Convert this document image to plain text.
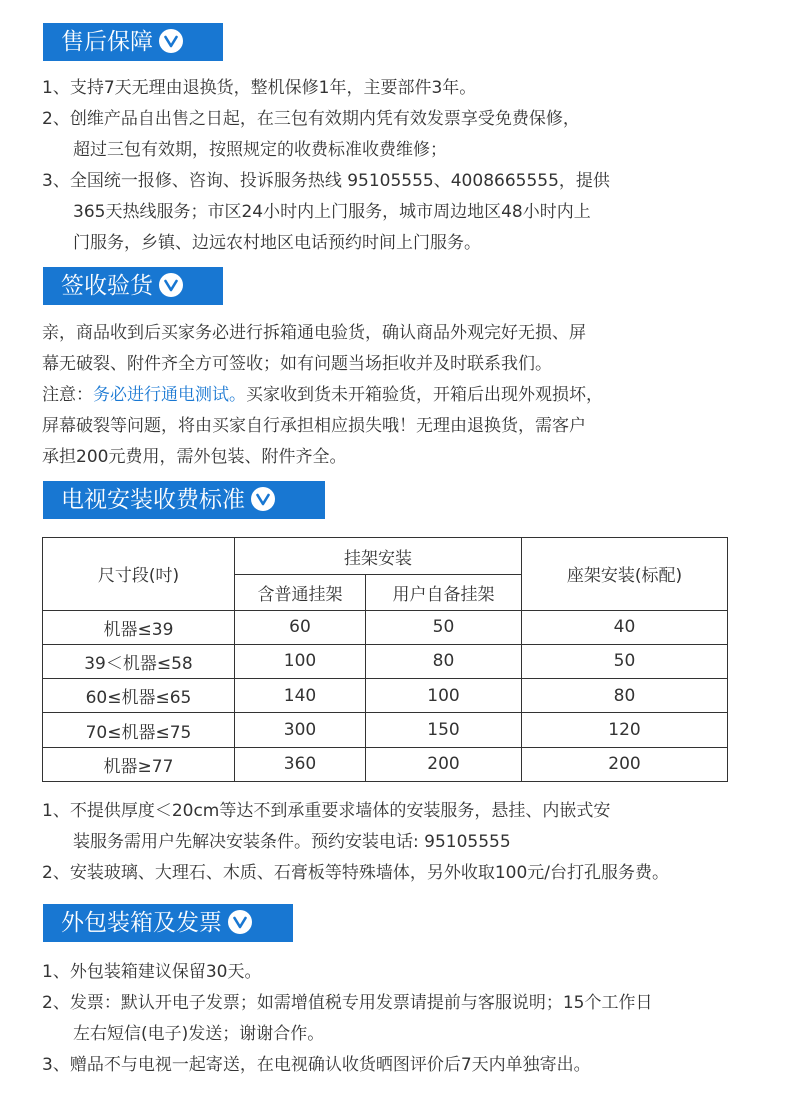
售后保障
1、支持7天无理由退换货，整机保修1年，主要部件3年。
2、创维产品自出售之日起，在三包有效期内凭有效发票享受免费保修，
超过三包有效期，按照规定的收费标准收费维修；
3、全国统一报修、咨询、投诉服务热线 95105555、4008665555，提供
365天热线服务；市区24小时内上门服务，城市周边地区48小时内上
门服务，乡镇、边远农村地区电话预约时间上门服务。
签收验货
亲，商品收到后买家务必进行拆箱通电验货，确认商品外观完好无损、屏
幕无破裂、附件齐全方可签收；如有问题当场拒收并及时联系我们。
注意：务必进行通电测试。买家收到货未开箱验货，开箱后出现外观损坏，
屏幕破裂等问题，将由买家自行承担相应损失哦！无理由退换货，需客户
承担200元费用，需外包装、附件齐全。
电视安装收费标准
尺寸段(吋)	挂架安装		座架安装(标配)
	含普通挂架	用户自备挂架	
机器≤39	60	50	40
39＜机器≤58	100	80	50
60≤机器≤65	140	100	80
70≤机器≤75	300	150	120
机器≥77	360	200	200
1、不提供厚度＜20cm等达不到承重要求墙体的安装服务，悬挂、内嵌式安
装服务需用户先解决安装条件。预约安装电话: 95105555
2、安装玻璃、大理石、木质、石膏板等特殊墙体，另外收取100元/台打孔服务费。
外包装箱及发票
1、外包装箱建议保留30天。
2、发票：默认开电子发票；如需增值税专用发票请提前与客服说明；15个工作日
左右短信(电子)发送；谢谢合作。
3、赠品不与电视一起寄送，在电视确认收货晒图评价后7天内单独寄出。
